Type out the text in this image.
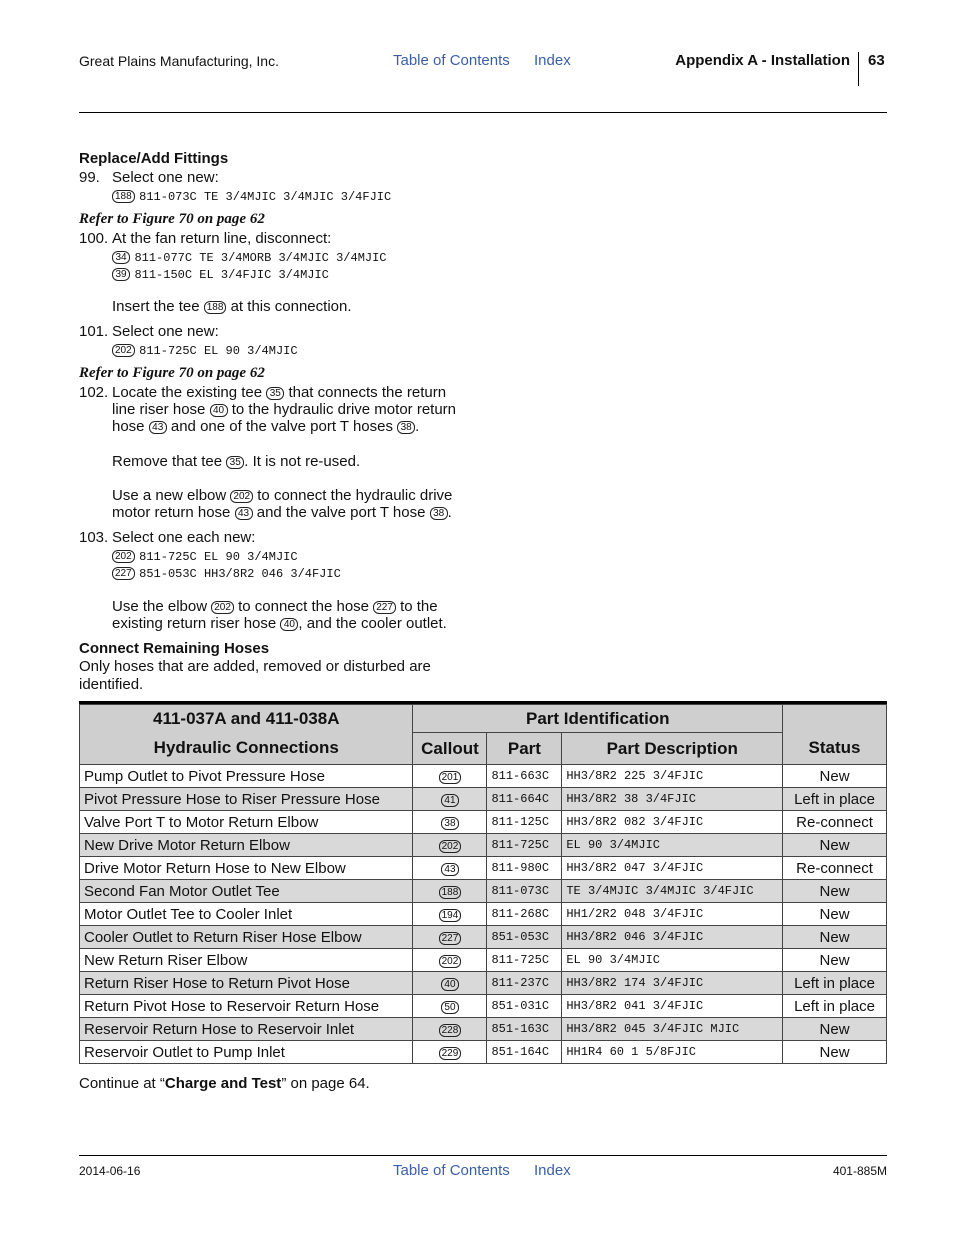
Great Plains Manufacturing, Inc.	Table of Contents Index	Appendix A - Installation 63
Replace/Add Fittings
99. Select one new:
188 811-073C TE 3/4MJIC 3/4MJIC 3/4FJIC
Refer to Figure 70 on page 62
100. At the fan return line, disconnect:
34 811-077C TE 3/4MORB 3/4MJIC 3/4MJIC
39 811-150C EL 3/4FJIC 3/4MJIC
Insert the tee 188 at this connection.
101. Select one new:
202 811-725C EL 90 3/4MJIC
Refer to Figure 70 on page 62
102. Locate the existing tee 35 that connects the return line riser hose 40 to the hydraulic drive motor return hose 43 and one of the valve port T hoses 38 .
Remove that tee 35 . It is not re-used.
Use a new elbow 202 to connect the hydraulic drive motor return hose 43 and the valve port T hose 38 .
103. Select one each new:
202 811-725C EL 90 3/4MJIC
227 851-053C HH3/8R2 046 3/4FJIC
Use the elbow 202 to connect the hose 227 to the existing return riser hose 40 , and the cooler outlet.
Connect Remaining Hoses
Only hoses that are added, removed or disturbed are identified.
411-037A and 411-038A	Part Identification			
Hydraulic Connections	Callout	Part	Part Description	Status
Pump Outlet to Pivot Pressure Hose	201	811-663C	HH3/8R2 225 3/4FJIC	New
Pivot Pressure Hose to Riser Pressure Hose	41	811-664C	HH3/8R2 38 3/4FJIC	Left in place
Valve Port T to Motor Return Elbow	38	811-125C	HH3/8R2 082 3/4FJIC	Re-connect
New Drive Motor Return Elbow	202	811-725C	EL 90 3/4MJIC	New
Drive Motor Return Hose to New Elbow	43	811-980C	HH3/8R2 047 3/4FJIC	Re-connect
Second Fan Motor Outlet Tee	188	811-073C	TE 3/4MJIC 3/4MJIC 3/4FJIC	New
Motor Outlet Tee to Cooler Inlet	194	811-268C	HH1/2R2 048 3/4FJIC	New
Cooler Outlet to Return Riser Hose Elbow	227	851-053C	HH3/8R2 046 3/4FJIC	New
New Return Riser Elbow	202	811-725C	EL 90 3/4MJIC	New
Return Riser Hose to Return Pivot Hose	40	811-237C	HH3/8R2 174 3/4FJIC	Left in place
Return Pivot Hose to Reservoir Return Hose	50	851-031C	HH3/8R2 041 3/4FJIC	Left in place
Reservoir Return Hose to Reservoir Inlet	228	851-163C	HH3/8R2 045 3/4FJIC MJIC	New
Reservoir Outlet to Pump Inlet	229	851-164C	HH1R4 60 1 5/8FJIC	New
Continue at “Charge and Test” on page 64.
2014-06-16	Table of Contents Index	401-885M
